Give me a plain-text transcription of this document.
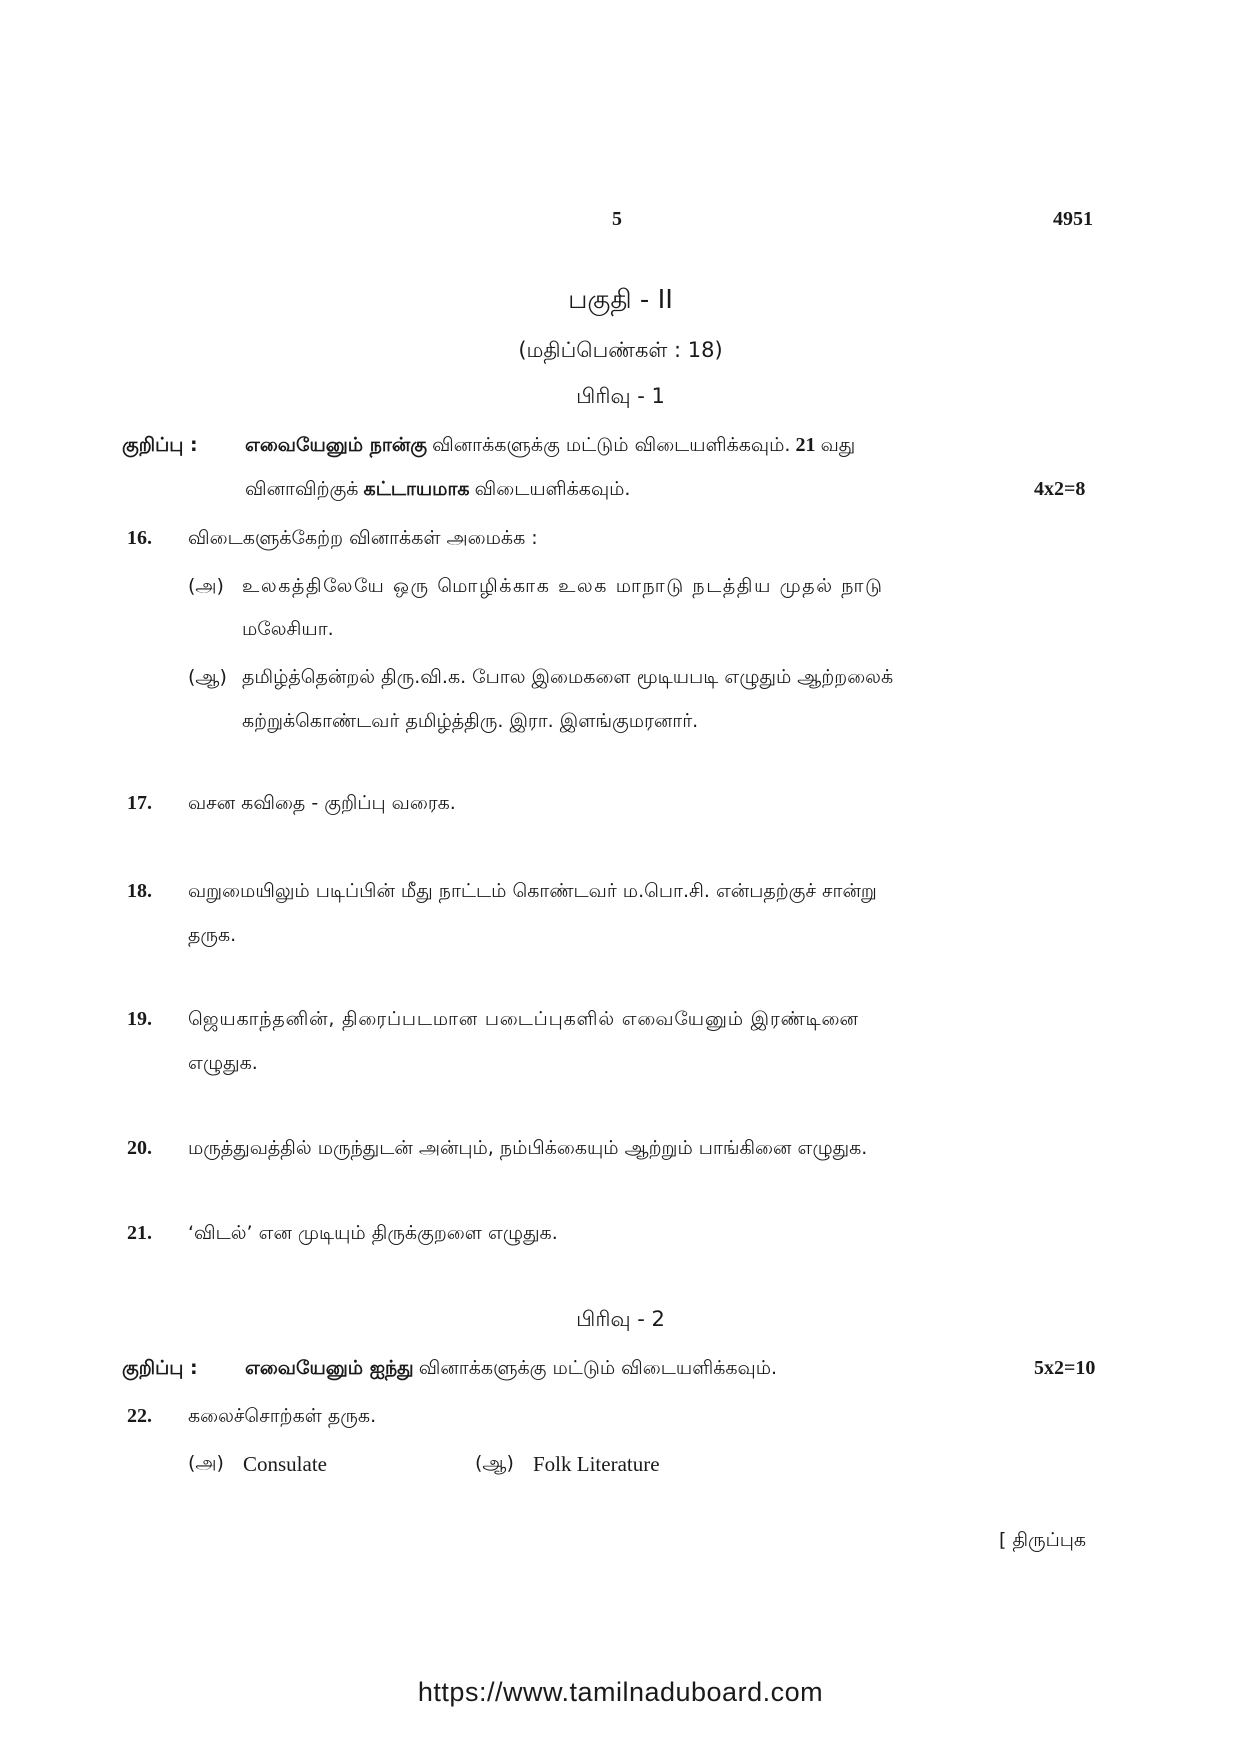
5	4951
பகுதி - II
(மதிப்பெண்கள் : 18)
பிரிவு - 1
குறிப்பு : எவையேனும் நான்கு வினாக்களுக்கு மட்டும் விடையளிக்கவும். 21 வது
வினாவிற்குக் கட்டாயமாக விடையளிக்கவும்.	4x2=8
16. விடைகளுக்கேற்ற வினாக்கள் அமைக்க :
(அ) உலகத்திலேயே ஒரு மொழிக்காக உலக மாநாடு நடத்திய முதல் நாடு
மலேசியா.
(ஆ) தமிழ்த்தென்றல் திரு.வி.க. போல இமைகளை மூடியபடி எழுதும் ஆற்றலைக்
கற்றுக்கொண்டவர் தமிழ்த்திரு. இரா. இளங்குமரனார்.
17. வசன கவிதை - குறிப்பு வரைக.
18. வறுமையிலும் படிப்பின் மீது நாட்டம் கொண்டவர் ம.பொ.சி. என்பதற்குச் சான்று
தருக.
19. ஜெயகாந்தனின், திரைப்படமான படைப்புகளில் எவையேனும் இரண்டினை
எழுதுக.
20. மருத்துவத்தில் மருந்துடன் அன்பும், நம்பிக்கையும் ஆற்றும் பாங்கினை எழுதுக.
21. ‘விடல்’ என முடியும் திருக்குறளை எழுதுக.
பிரிவு - 2
குறிப்பு : எவையேனும் ஐந்து வினாக்களுக்கு மட்டும் விடையளிக்கவும்.	5x2=10
22. கலைச்சொற்கள் தருக.
(அ) Consulate	(ஆ) Folk Literature
[ திருப்புக
https://www.tamilnaduboard.com
